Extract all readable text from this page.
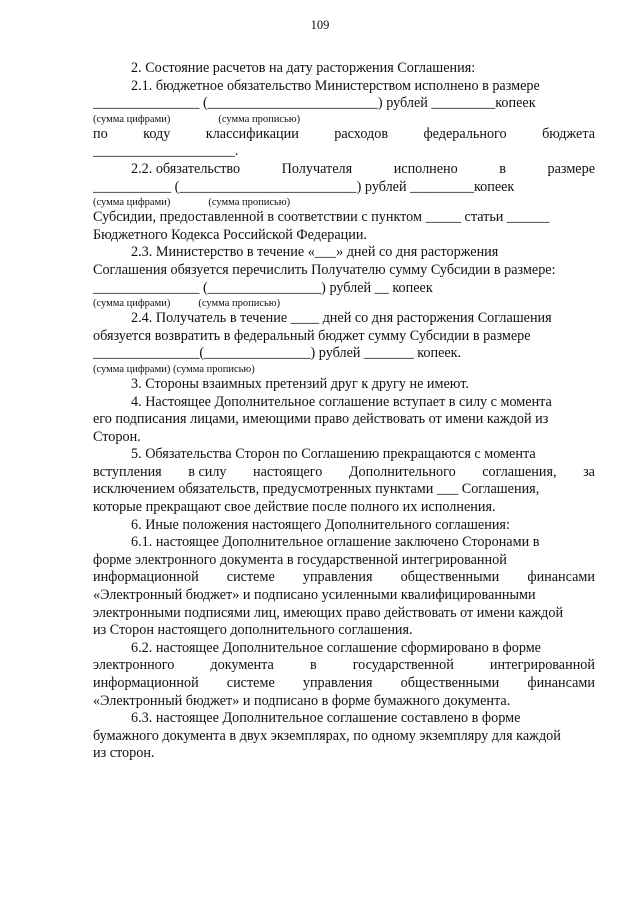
109
2. Состояние расчетов на дату расторжения Соглашения:
2.1. бюджетное обязательство Министерством исполнено в размере
_______________ (________________________) рублей _________копеек
(сумма цифрами)	(сумма прописью)
по коду классификации расходов федерального бюджета
____________________.
2.2. обязательство	Получателя	исполнено	в	размере
___________ (_________________________) рублей _________копеек
(сумма цифрами)	(сумма прописью)
Субсидии, предоставленной в соответствии с пунктом _____ статьи ______
Бюджетного Кодекса Российской Федерации.
2.3. Министерство в течение «___» дней со дня расторжения
Соглашения обязуется перечислить Получателю сумму Субсидии в размере:
_______________ (________________) рублей __ копеек
(сумма цифрами)	(сумма прописью)
2.4. Получатель в течение ____ дней со дня расторжения Соглашения
обязуется возвратить в федеральный бюджет сумму Субсидии в размере
_______________(_______________) рублей _______ копеек.
(сумма цифрами) (сумма прописью)
3. Стороны взаимных претензий друг к другу не имеют.
4. Настоящее Дополнительное соглашение вступает в силу с момента
его подписания лицами, имеющими право действовать от имени каждой из
Сторон.
5. Обязательства Сторон по Соглашению прекращаются с момента
вступления в силу настоящего Дополнительного соглашения, за
исключением обязательств, предусмотренных пунктами ___ Соглашения,
которые прекращают свое действие после полного их исполнения.
6. Иные положения настоящего Дополнительного соглашения:
6.1. настоящее Дополнительное оглашение заключено Сторонами в
форме электронного документа в государственной интегрированной
информационной системе управления общественными финансами
«Электронный бюджет» и подписано усиленными квалифицированными
электронными подписями лиц, имеющих право действовать от имени каждой
из Сторон настоящего дополнительного соглашения.
6.2. настоящее Дополнительное соглашение сформировано в форме
электронного	документа	в	государственной	интегрированной
информационной системе управления общественными финансами
«Электронный бюджет» и подписано в форме бумажного документа.
6.3. настоящее Дополнительное соглашение составлено в форме
бумажного документа в двух экземплярах, по одному экземпляру для каждой
из сторон.
